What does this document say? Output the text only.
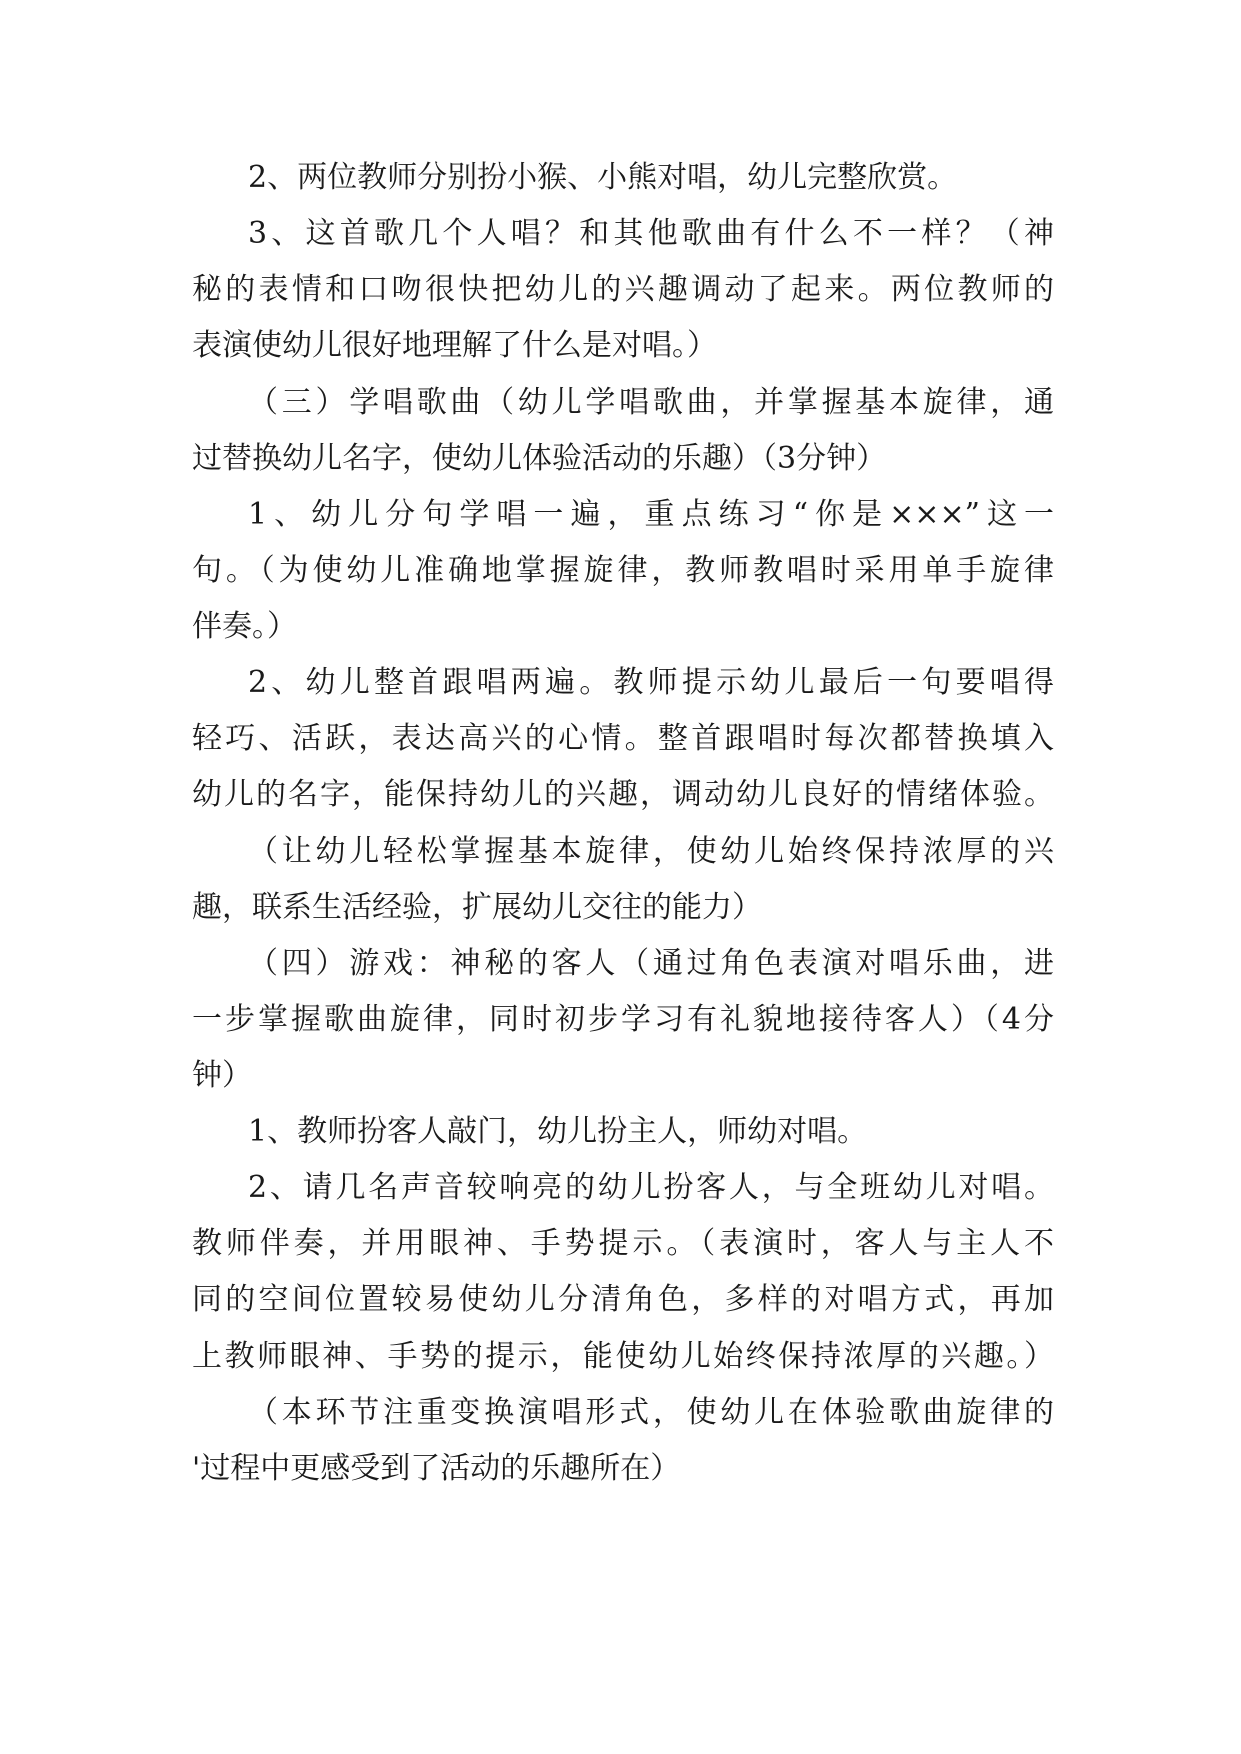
2、两位教师分别扮小猴、小熊对唱，幼儿完整欣赏。
3、这首歌几个人唱？和其他歌曲有什么不一样？（神
秘的表情和口吻很快把幼儿的兴趣调动了起来。两位教师的
表演使幼儿很好地理解了什么是对唱。）
（三）学唱歌曲（幼儿学唱歌曲，并掌握基本旋律，通
过替换幼儿名字，使幼儿体验活动的乐趣）（3分钟）
1、幼儿分句学唱一遍，重点练习“你是×××”这一
句。（为使幼儿准确地掌握旋律，教师教唱时采用单手旋律
伴奏。）
2、幼儿整首跟唱两遍。教师提示幼儿最后一句要唱得
轻巧、活跃，表达高兴的心情。整首跟唱时每次都替换填入
幼儿的名字，能保持幼儿的兴趣，调动幼儿良好的情绪体验。
（让幼儿轻松掌握基本旋律，使幼儿始终保持浓厚的兴
趣，联系生活经验，扩展幼儿交往的能力）
（四）游戏：神秘的客人（通过角色表演对唱乐曲，进
一步掌握歌曲旋律，同时初步学习有礼貌地接待客人）（4分
钟）
1、教师扮客人敲门，幼儿扮主人，师幼对唱。
2、请几名声音较响亮的幼儿扮客人，与全班幼儿对唱。
教师伴奏，并用眼神、手势提示。（表演时，客人与主人不
同的空间位置较易使幼儿分清角色，多样的对唱方式，再加
上教师眼神、手势的提示，能使幼儿始终保持浓厚的兴趣。）
（本环节注重变换演唱形式，使幼儿在体验歌曲旋律的
'过程中更感受到了活动的乐趣所在）
